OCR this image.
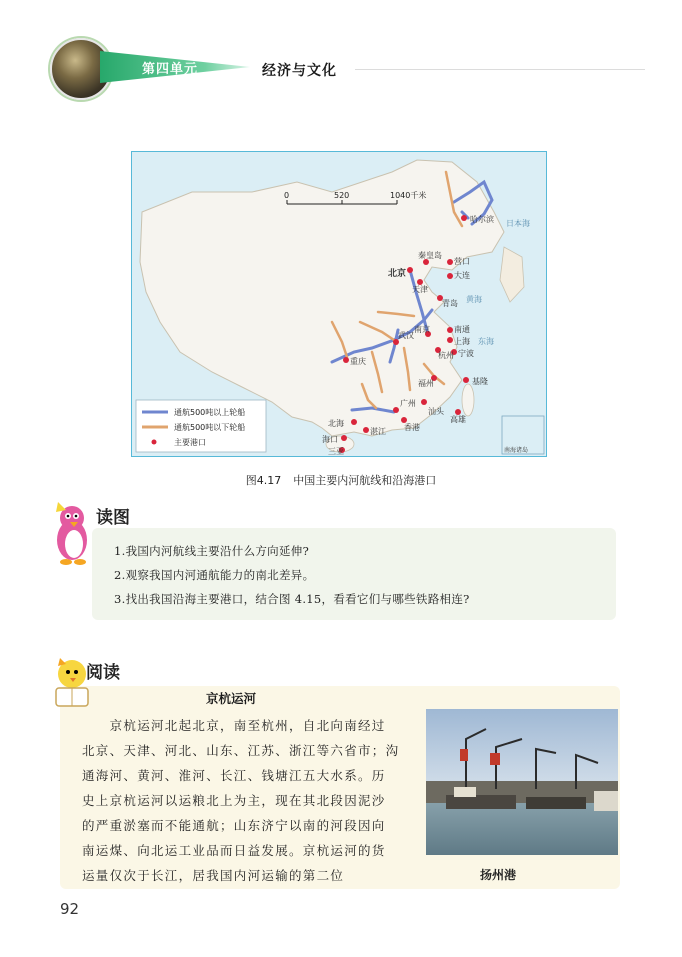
第四单元	经济与文化
哈尔滨
秦皇岛
营口
大连
北京
天津
青岛
南通
上海
南京
宁波
武汉
杭州
重庆
福州	基隆
广州
汕头
高雄
香港
北海
湛江
海口
三亚
日本海
黄海
东海
0	520	1040千米
南海诸岛
通航500吨以上轮船
通航500吨以下轮船
主要港口
图4.17 中国主要内河航线和沿海港口
读图
1.我国内河航线主要沿什么方向延伸?
2.观察我国内河通航能力的南北差异。
3.找出我国沿海主要港口，结合图 4.15，看看它们与哪些铁路相连?
阅读
京杭运河
　　京杭运河北起北京，南至杭州，自北向南经过
北京、天津、河北、山东、江苏、浙江等六省市；沟
通海河、黄河、淮河、长江、钱塘江五大水系。历
史上京杭运河以运粮北上为主，现在其北段因泥沙
的严重淤塞而不能通航；山东济宁以南的河段因向
南运煤、向北运工业品而日益发展。京杭运河的货
运量仅次于长江，居我国内河运输的第二位	扬州港
92
